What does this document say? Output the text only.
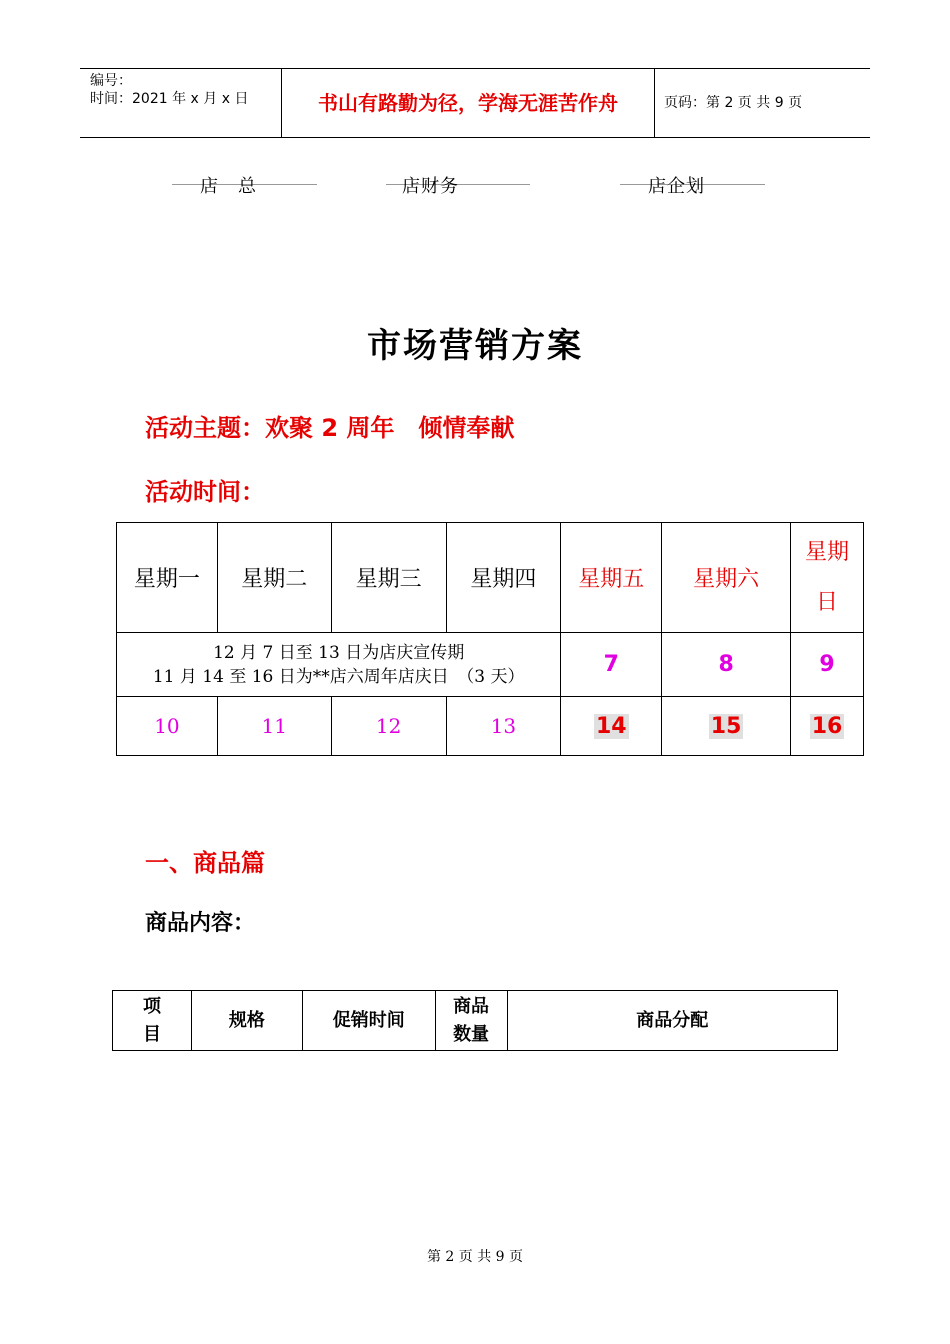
编号：
时间：2021 年 x 月 x 日	书山有路勤为径，学海无涯苦作舟	页码：第 2 页 共 9 页
店　总	店财务	店企划
市场营销方案
活动主题：欢聚 2 周年　倾情奉献
活动时间：
星期一	星期二	星期三	星期四	星期五	星期六	星期日

12 月 7 日至 13 日为店庆宣传期
11 月 14 至 16 日为**店六周年店庆日　（3 天）				7	8	9
10	11	12	13	14	15	16
一、商品篇
商品内容：
项目	规格	促销时间	商品数量	商品分配
第 2 页 共 9 页
